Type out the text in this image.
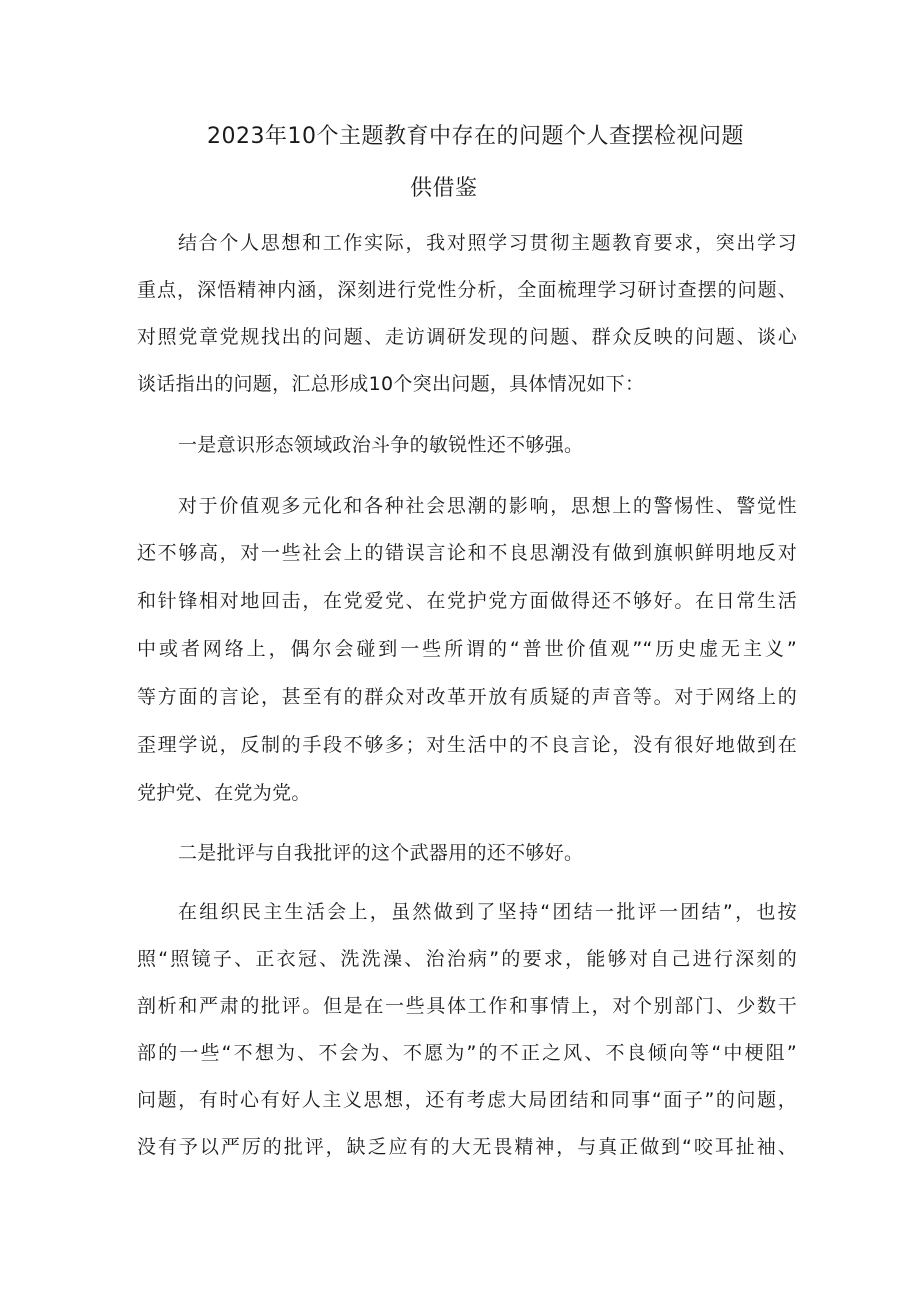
2023年10个主题教育中存在的问题个人查摆检视问题
供借鉴
结合个人思想和工作实际，我对照学习贯彻主题教育要求，突出学习
重点，深悟精神内涵，深刻进行党性分析，全面梳理学习研讨查摆的问题、
对照党章党规找出的问题、走访调研发现的问题、群众反映的问题、谈心
谈话指出的问题，汇总形成10个突出问题，具体情况如下：
一是意识形态领域政治斗争的敏锐性还不够强。
对于价值观多元化和各种社会思潮的影响，思想上的警惕性、警觉性
还不够高，对一些社会上的错误言论和不良思潮没有做到旗帜鲜明地反对
和针锋相对地回击，在党爱党、在党护党方面做得还不够好。在日常生活
中或者网络上，偶尔会碰到一些所谓的“普世价值观”“历史虚无主义”
等方面的言论，甚至有的群众对改革开放有质疑的声音等。对于网络上的
歪理学说，反制的手段不够多；对生活中的不良言论，没有很好地做到在
党护党、在党为党。
二是批评与自我批评的这个武器用的还不够好。
在组织民主生活会上，虽然做到了坚持“团结一批评一团结”，也按
照“照镜子、正衣冠、洗洗澡、治治病”的要求，能够对自己进行深刻的
剖析和严肃的批评。但是在一些具体工作和事情上，对个别部门、少数干
部的一些“不想为、不会为、不愿为”的不正之风、不良倾向等“中梗阻”
问题，有时心有好人主义思想，还有考虑大局团结和同事“面子”的问题，
没有予以严厉的批评，缺乏应有的大无畏精神，与真正做到“咬耳扯袖、
